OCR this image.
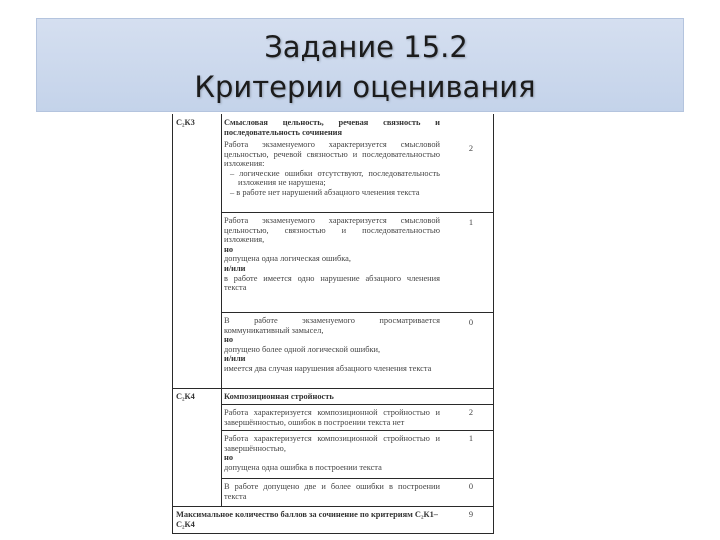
Задание 15.2
Критерии оценивания
С₂К3	Смысловая цельность, речевая связность и последовательность сочинения
Работа экзаменуемого характеризуется смысловой цельностью, речевой связностью и последовательностью изложения:
– логические ошибки отсутствуют, последовательность изложения не нарушена;
– в работе нет нарушений абзацного членения текста
2
Работа экзаменуемого характеризуется смысловой цельностью, связностью и последовательностью изложения,
но
допущена одна логическая ошибка,
и/или
в работе имеется одно нарушение абзацного членения текста
1
В работе экзаменуемого просматривается коммуникативный замысел,
но
допущено более одной логической ошибки,
и/или
имеется два случая нарушения абзацного членения текста
0
С₂К4	Композиционная стройность
Работа характеризуется композиционной стройностью и завершённостью, ошибок в построении текста нет
2
Работа характеризуется композиционной стройностью и завершённостью,
но
допущена одна ошибка в построении текста
1
В работе допущено две и более ошибки в построении текста
0
Максимальное количество баллов за сочинение по критериям С₂К1–С₂К4
9
